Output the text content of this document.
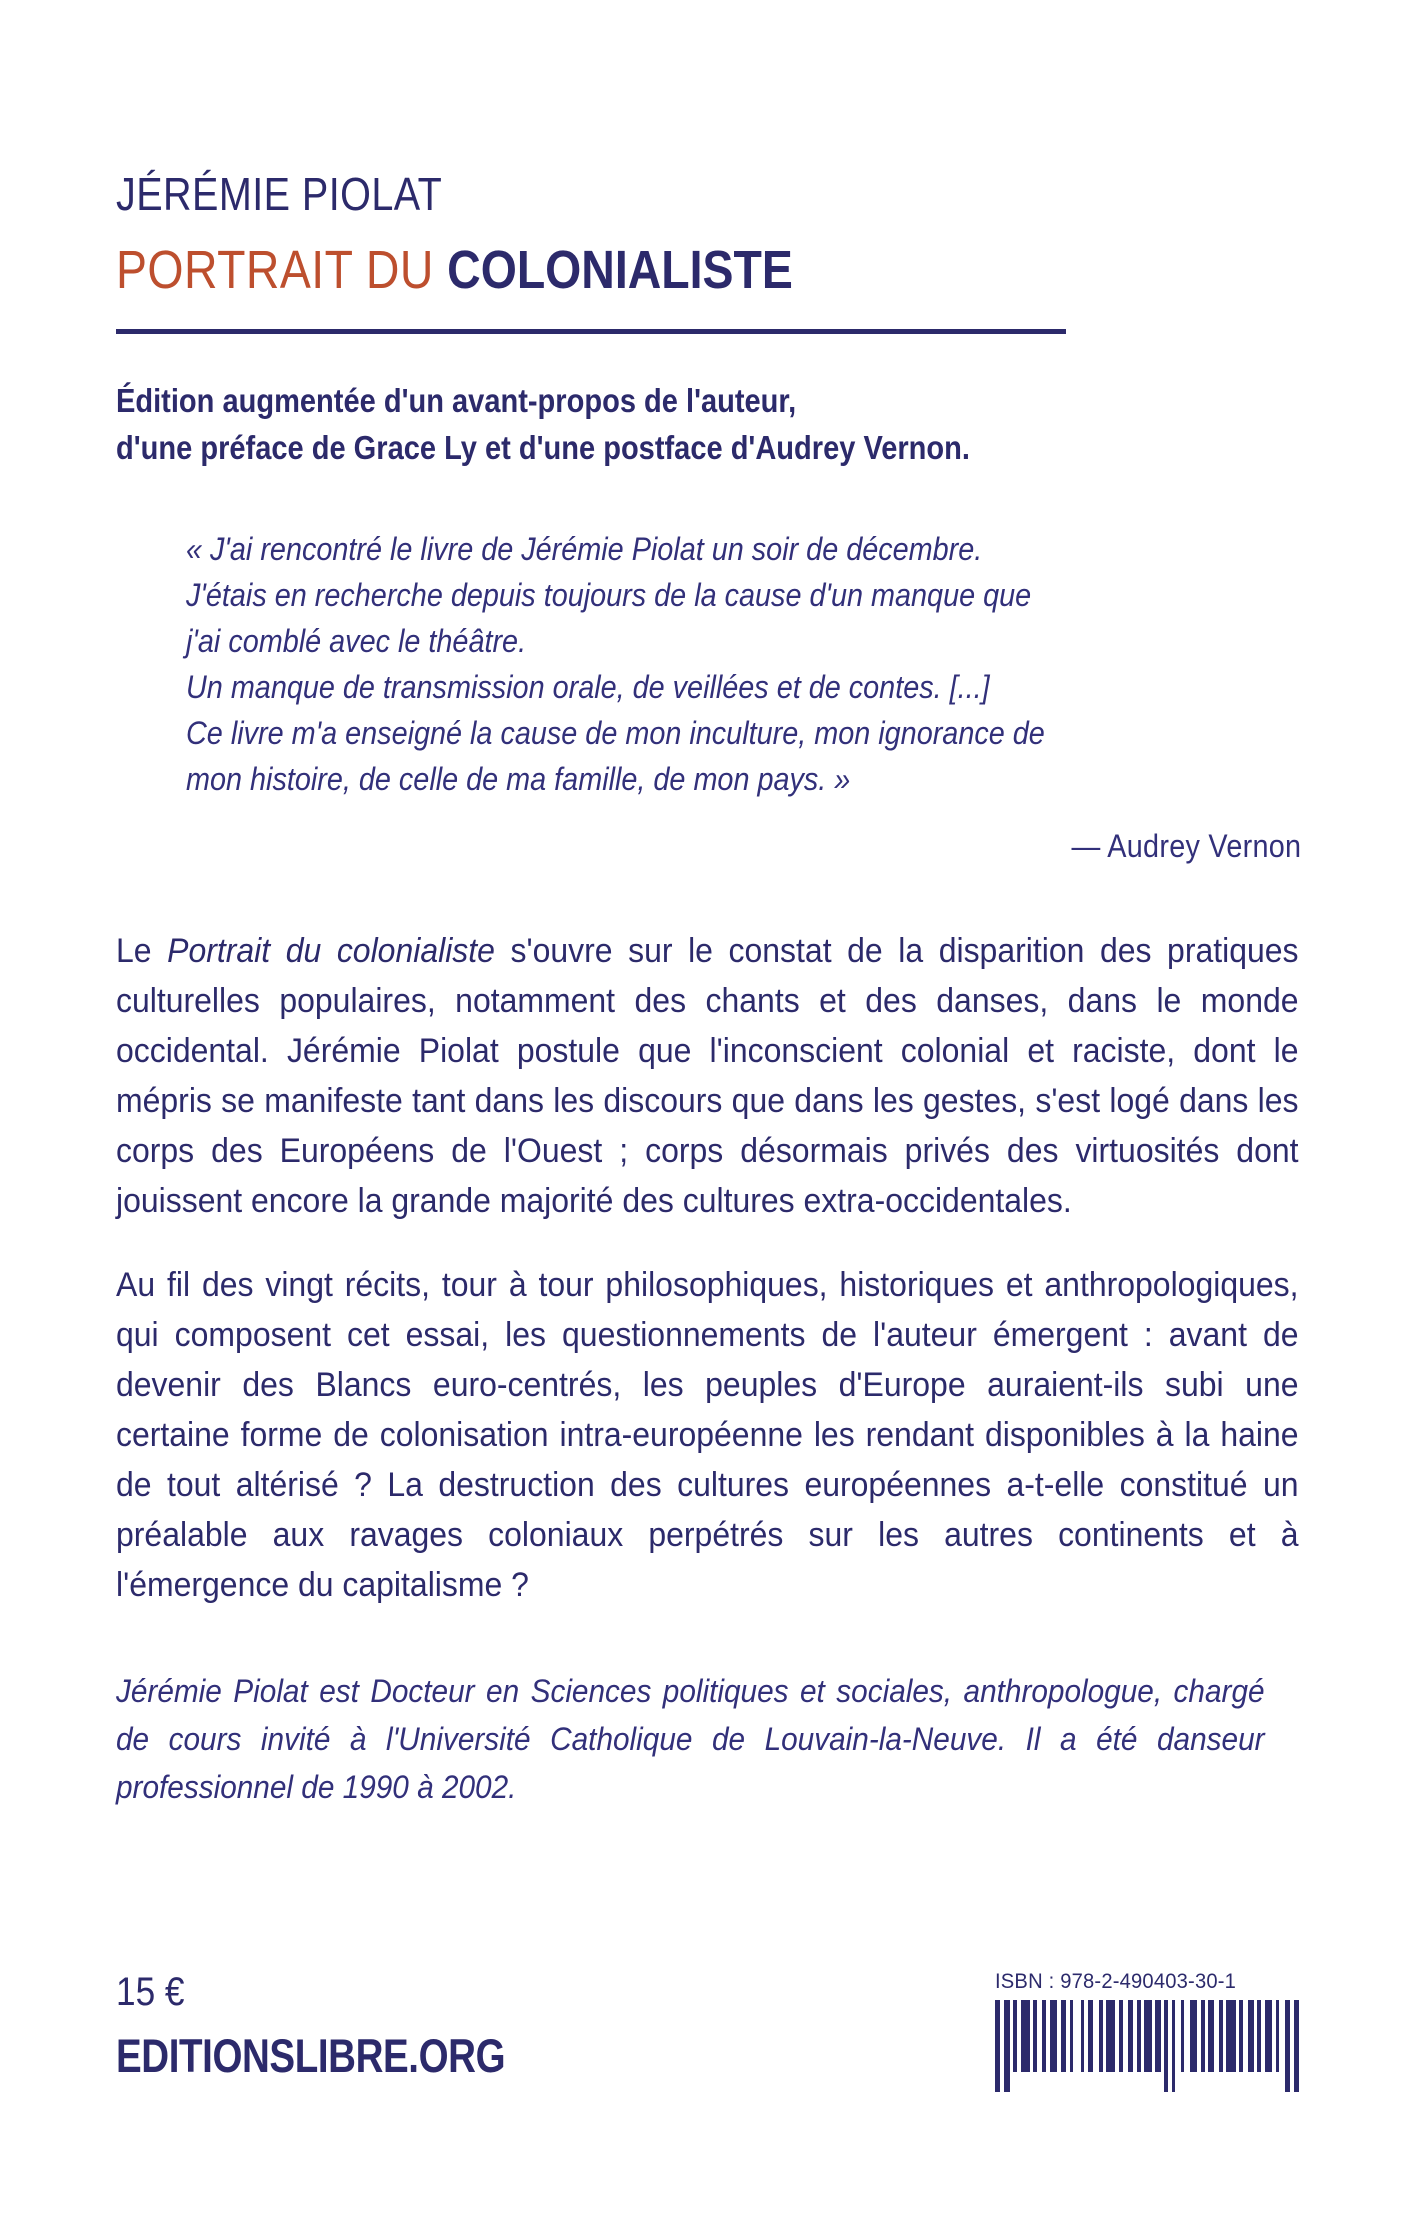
JÉRÉMIE PIOLAT
PORTRAIT DU COLONIALISTE
Édition augmentée d'un avant-propos de l'auteur,
d'une préface de Grace Ly et d'une postface d'Audrey Vernon.
« J'ai rencontré le livre de Jérémie Piolat un soir de décembre.
J'étais en recherche depuis toujours de la cause d'un manque que
j'ai comblé avec le théâtre.
Un manque de transmission orale, de veillées et de contes. [...]
Ce livre m'a enseigné la cause de mon inculture, mon ignorance de
mon histoire, de celle de ma famille, de mon pays. »
— Audrey Vernon

Le Portrait du colonialiste s'ouvre sur le constat de la disparition des pratiques culturelles populaires, notamment des chants et des danses, dans le monde occidental. Jérémie Piolat postule que l'inconscient colonial et raciste, dont le mépris se manifeste tant dans les discours que dans les gestes, s'est logé dans les corps des Européens de l'Ouest ; corps désormais privés des virtuosités dont jouissent encore la grande majorité des cultures extra-occidentales.

Au fil des vingt récits, tour à tour philosophiques, historiques et anthropologiques, qui composent cet essai, les questionnements de l'auteur émergent : avant de devenir des Blancs euro-centrés, les peuples d'Europe auraient-ils subi une certaine forme de colonisation intra-européenne les rendant disponibles à la haine de tout altérisé ? La destruction des cultures européennes a-t-elle constitué un préalable aux ravages coloniaux perpétrés sur les autres continents et à l'émergence du capitalisme ?

Jérémie Piolat est Docteur en Sciences politiques et sociales, anthropologue, chargé de cours invité à l'Université Catholique de Louvain-la-Neuve. Il a été danseur professionnel de 1990 à 2002.
15 €
EDITIONSLIBRE.ORG
ISBN : 978-2-490403-30-1
